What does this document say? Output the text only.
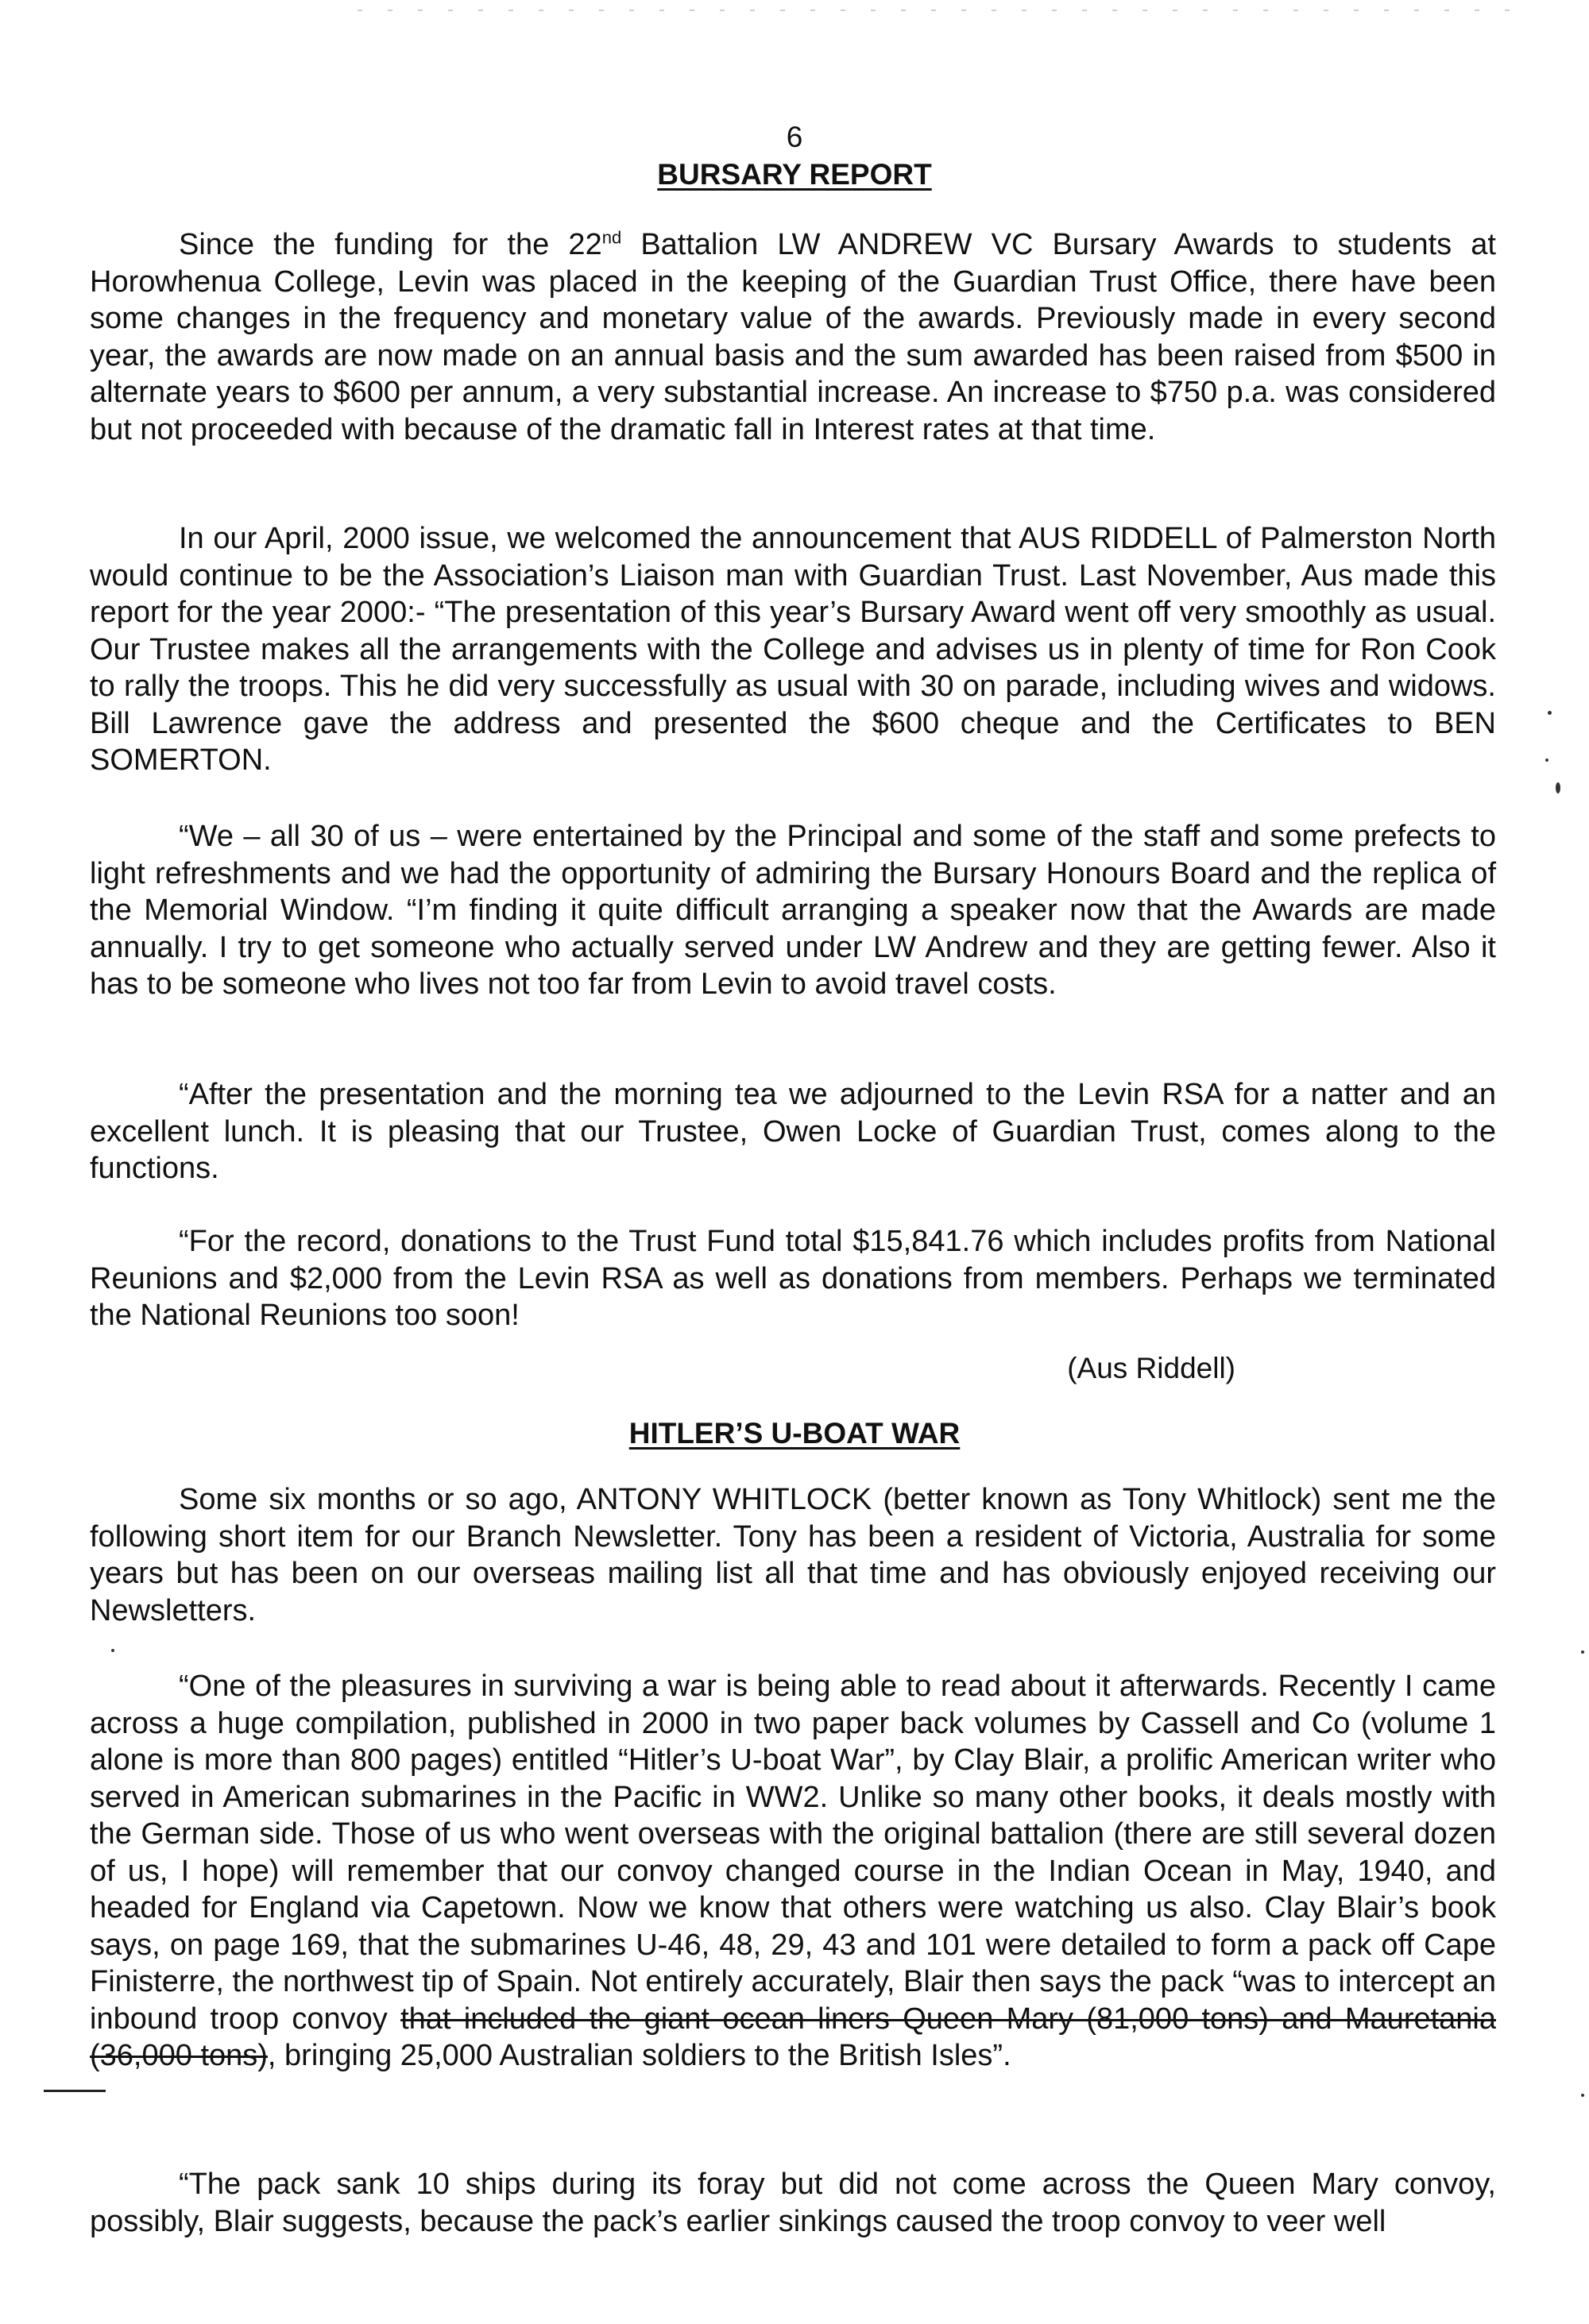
6
BURSARY REPORT

Since the funding for the 22nd Battalion LW ANDREW VC Bursary Awards to students at Horowhenua College, Levin was placed in the keeping of the Guardian Trust Office, there have been some changes in the frequency and monetary value of the awards. Previously made in every second year, the awards are now made on an annual basis and the sum awarded has been raised from $500 in alternate years to $600 per annum, a very substantial increase. An increase to $750 p.a. was considered but not proceeded with because of the dramatic fall in Interest rates at that time.

In our April, 2000 issue, we welcomed the announcement that AUS RIDDELL of Palmerston North would continue to be the Association’s Liaison man with Guardian Trust. Last November, Aus made this report for the year 2000:- “The presentation of this year’s Bursary Award went off very smoothly as usual. Our Trustee makes all the arrangements with the College and advises us in plenty of time for Ron Cook to rally the troops. This he did very successfully as usual with 30 on parade, including wives and widows. Bill Lawrence gave the address and presented the $600 cheque and the Certificates to BEN SOMERTON.

“We – all 30 of us – were entertained by the Principal and some of the staff and some prefects to light refreshments and we had the opportunity of admiring the Bursary Honours Board and the replica of the Memorial Window. “I’m finding it quite difficult arranging a speaker now that the Awards are made annually. I try to get someone who actually served under LW Andrew and they are getting fewer. Also it has to be someone who lives not too far from Levin to avoid travel costs.

“After the presentation and the morning tea we adjourned to the Levin RSA for a natter and an excellent lunch. It is pleasing that our Trustee, Owen Locke of Guardian Trust, comes along to the functions.

“For the record, donations to the Trust Fund total $15,841.76 which includes profits from National Reunions and $2,000 from the Levin RSA as well as donations from members. Perhaps we terminated the National Reunions too soon!

(Aus Riddell)
HITLER’S U-BOAT WAR

Some six months or so ago, ANTONY WHITLOCK (better known as Tony Whitlock) sent me the following short item for our Branch Newsletter. Tony has been a resident of Victoria, Australia for some years but has been on our overseas mailing list all that time and has obviously enjoyed receiving our Newsletters.

“One of the pleasures in surviving a war is being able to read about it afterwards. Recently I came across a huge compilation, published in 2000 in two paper back volumes by Cassell and Co (volume 1 alone is more than 800 pages) entitled “Hitler’s U-boat War”, by Clay Blair, a prolific American writer who served in American submarines in the Pacific in WW2. Unlike so many other books, it deals mostly with the German side. Those of us who went overseas with the original battalion (there are still several dozen of us, I hope) will remember that our convoy changed course in the Indian Ocean in May, 1940, and headed for England via Capetown. Now we know that others were watching us also. Clay Blair’s book says, on page 169, that the submarines U-46, 48, 29, 43 and 101 were detailed to form a pack off Cape Finisterre, the northwest tip of Spain. Not entirely accurately, Blair then says the pack “was to intercept an inbound troop convoy that included the giant ocean liners Queen Mary (81,000 tons) and Mauretania (36,000 tons), bringing 25,000 Australian soldiers to the British Isles”.

“The pack sank 10 ships during its foray but did not come across the Queen Mary convoy, possibly, Blair suggests, because the pack’s earlier sinkings caused the troop convoy to veer well
